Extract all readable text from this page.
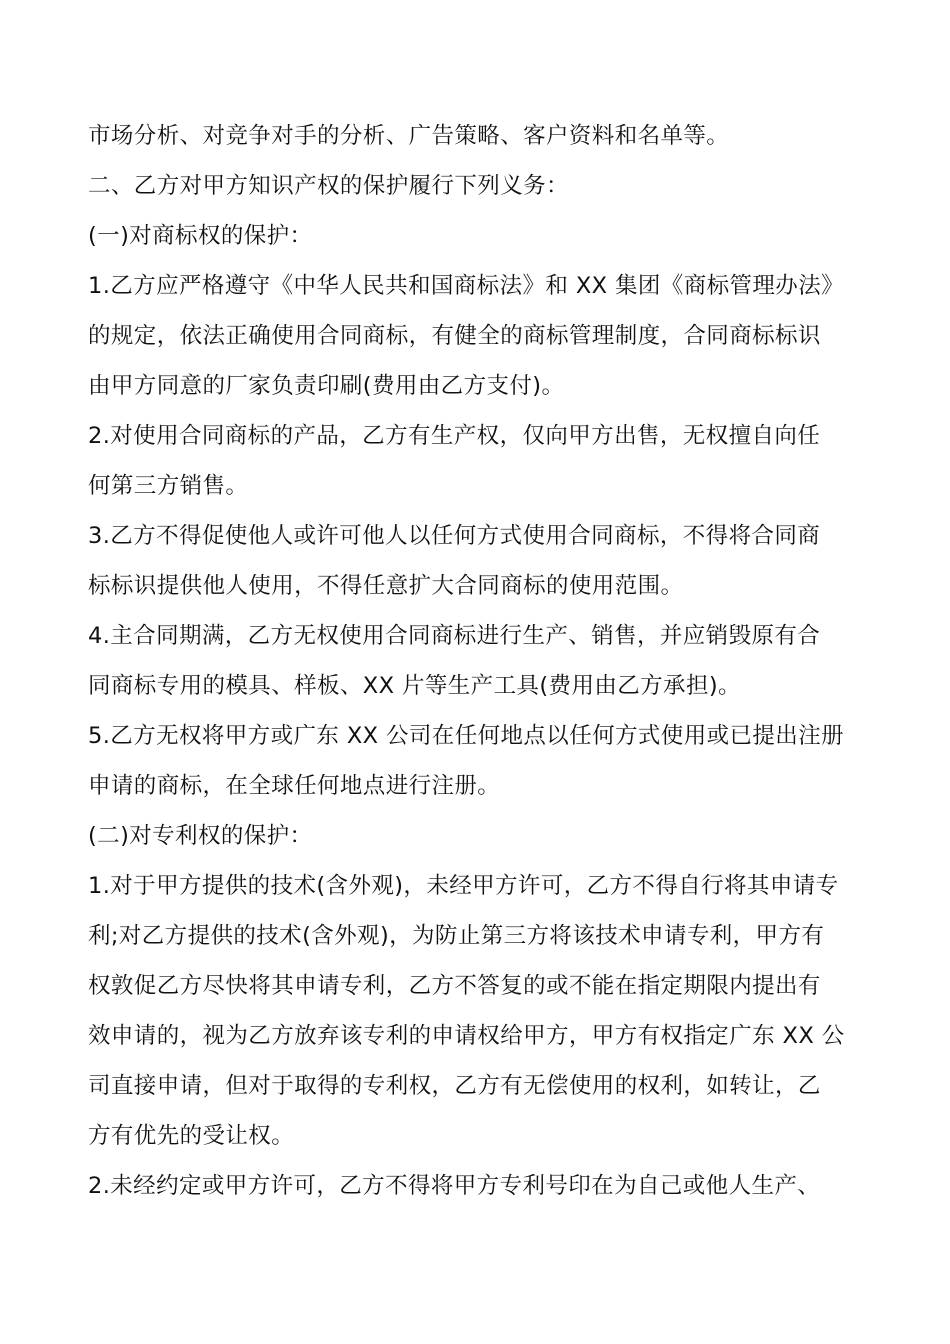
市场分析、对竞争对手的分析、广告策略、客户资料和名单等。
二、乙方对甲方知识产权的保护履行下列义务：
(一)对商标权的保护：
1.乙方应严格遵守《中华人民共和国商标法》和 XX 集团《商标管理办法》
的规定，依法正确使用合同商标，有健全的商标管理制度，合同商标标识
由甲方同意的厂家负责印刷(费用由乙方支付)。
2.对使用合同商标的产品，乙方有生产权，仅向甲方出售，无权擅自向任
何第三方销售。
3.乙方不得促使他人或许可他人以任何方式使用合同商标，不得将合同商
标标识提供他人使用，不得任意扩大合同商标的使用范围。
4.主合同期满，乙方无权使用合同商标进行生产、销售，并应销毁原有合
同商标专用的模具、样板、XX 片等生产工具(费用由乙方承担)。
5.乙方无权将甲方或广东 XX 公司在任何地点以任何方式使用或已提出注册
申请的商标，在全球任何地点进行注册。
(二)对专利权的保护：
1.对于甲方提供的技术(含外观)，未经甲方许可，乙方不得自行将其申请专
利;对乙方提供的技术(含外观)，为防止第三方将该技术申请专利，甲方有
权敦促乙方尽快将其申请专利，乙方不答复的或不能在指定期限内提出有
效申请的，视为乙方放弃该专利的申请权给甲方，甲方有权指定广东 XX 公
司直接申请，但对于取得的专利权，乙方有无偿使用的权利，如转让，乙
方有优先的受让权。
2.未经约定或甲方许可，乙方不得将甲方专利号印在为自己或他人生产、
